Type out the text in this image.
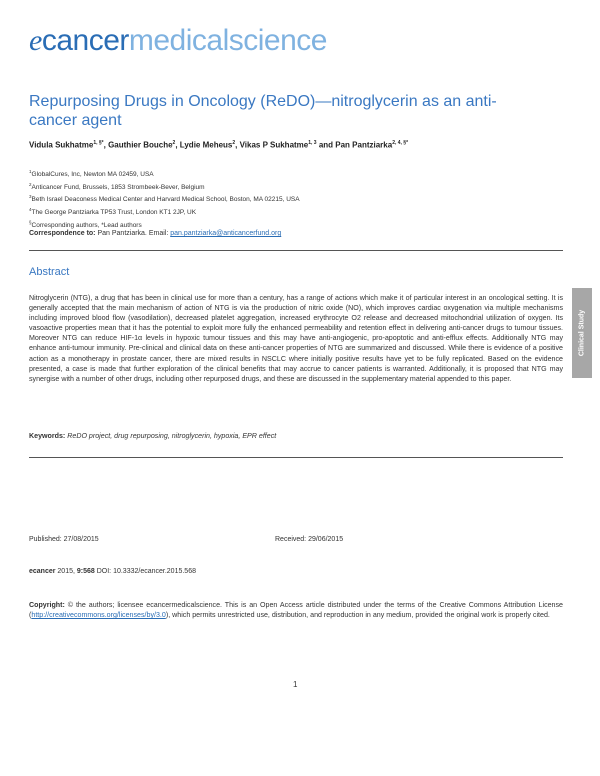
ecancermedicalscience
Repurposing Drugs in Oncology (ReDO)—nitroglycerin as an anti-cancer agent
Vidula Sukhatme$^{1, \S*}$, Gauthier Bouche$^2$, Lydie Meheus$^2$, Vikas P Sukhatme$^{1, 3}$ and Pan Pantziarka$^{2, 4, \S*}$
$^1$GlobalCures, Inc, Newton MA 02459, USA
$^2$Anticancer Fund, Brussels, 1853 Strombeek-Bever, Belgium
$^3$Beth Israel Deaconess Medical Center and Harvard Medical School, Boston, MA 02215, USA
$^4$The George Pantziarka TP53 Trust, London KT1 2JP, UK
§Corresponding authors, *Lead authors
Correspondence to: Pan Pantziarka. Email: pan.pantziarka@anticancerfund.org
Abstract

Nitroglycerin (NTG), a drug that has been in clinical use for more than a century, has a range of actions which make it of particular interest in an oncological setting. It is generally accepted that the main mechanism of action of NTG is via the production of nitric oxide (NO), which improves cardiac oxygenation via multiple mechanisms including improved blood flow (vasodilation), decreased platelet aggregation, increased erythrocyte O2 release and decreased mitochondrial utilization of oxygen. Its vasoactive properties mean that it has the potential to exploit more fully the enhanced permeability and retention effect in delivering anti-cancer drugs to tumour tissues. Moreover NTG can reduce HIF-1α levels in hypoxic tumour tissues and this may have anti-angiogenic, pro-apoptotic and anti-efflux effects. Additionally NTG may enhance anti-tumour immunity. Pre-clinical and clinical data on these anti-cancer properties of NTG are summarized and discussed. While there is evidence of a positive action as a monotherapy in prostate cancer, there are mixed results in NSCLC where initially positive results have yet to be fully replicated. Based on the evidence presented, a case is made that further exploration of the clinical benefits that may accrue to cancer patients is warranted. Additionally, it is proposed that NTG may synergise with a number of other drugs, including other repurposed drugs, and these are discussed in the supplementary material appended to this paper.

Keywords: ReDO project, drug repurposing, nitroglycerin, hypoxia, EPR effect
Clinical Study
Published: 27/08/2015	Received: 29/06/2015
ecancer 2015, 9:568 DOI: 10.3332/ecancer.2015.568

Copyright: © the authors; licensee ecancermedicalscience. This is an Open Access article distributed under the terms of the Creative Commons Attribution License (http://creativecommons.org/licenses/by/3.0), which permits unrestricted use, distribution, and reproduction in any medium, provided the original work is properly cited.

1
